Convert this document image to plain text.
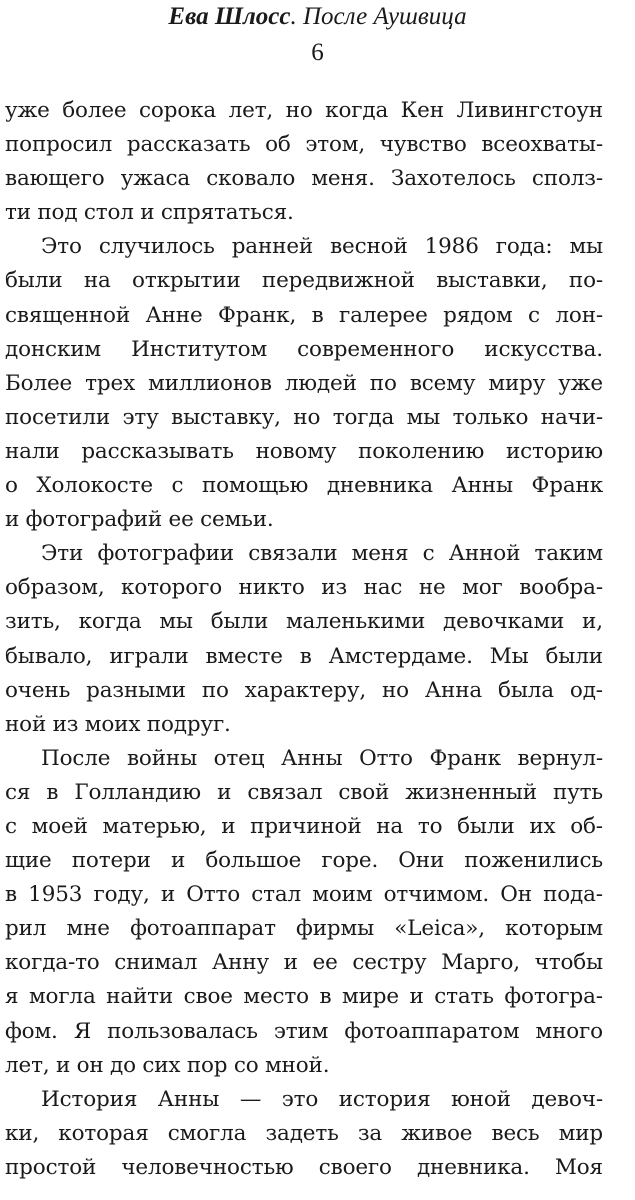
Ева Шлосс. После Аушвица
6
уже более сорока лет, но когда Кен Ливингстоун
попросил рассказать об этом, чувство всеохваты-
вающего ужаса сковало меня. Захотелось сполз-
ти под стол и спрятаться.
Это случилось ранней весной 1986 года: мы
были на открытии передвижной выставки, по-
священной Анне Франк, в галерее рядом с лон-
донским Институтом современного искусства.
Более трех миллионов людей по всему миру уже
посетили эту выставку, но тогда мы только начи-
нали рассказывать новому поколению историю
о Холокосте с помощью дневника Анны Франк
и фотографий ее семьи.
Эти фотографии связали меня с Анной таким
образом, которого никто из нас не мог вообра-
зить, когда мы были маленькими девочками и,
бывало, играли вместе в Амстердаме. Мы были
очень разными по характеру, но Анна была од-
ной из моих подруг.
После войны отец Анны Отто Франк вернул-
ся в Голландию и связал свой жизненный путь
с моей матерью, и причиной на то были их об-
щие потери и большое горе. Они поженились
в 1953 году, и Отто стал моим отчимом. Он пода-
рил мне фотоаппарат фирмы «Leica», которым
когда-то снимал Анну и ее сестру Марго, чтобы
я могла найти свое место в мире и стать фотогра-
фом. Я пользовалась этим фотоаппаратом много
лет, и он до сих пор со мной.
История Анны — это история юной девоч-
ки, которая смогла задеть за живое весь мир
простой человечностью своего дневника. Моя
